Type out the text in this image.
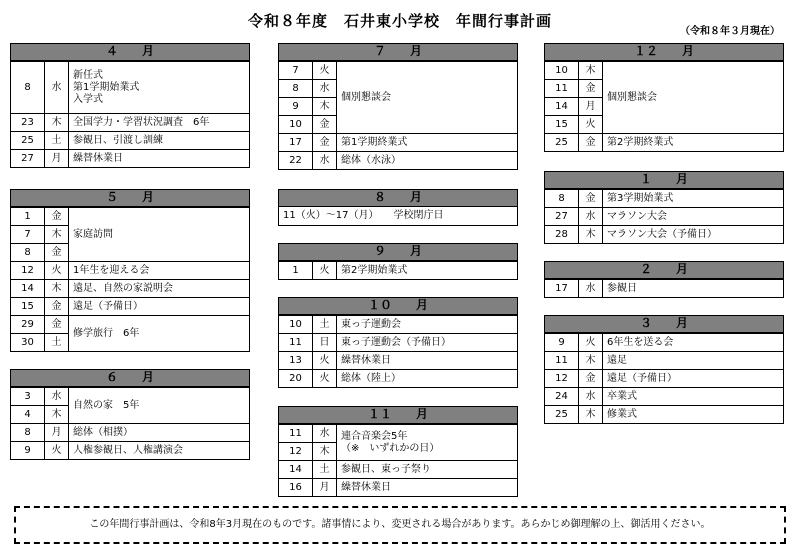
令和８年度　石井東小学校　年間行事計画
（令和８年３月現在）
４　　月
8	水	新任式
第1学期始業式
入学式
23	木	全国学力・学習状況調査　6年
25	土	参観日、引渡し訓練
27	月	繰替休業日
５　　月
1	金	家庭訪問
7	木	
8	金	
12	火	1年生を迎える会
14	木	遠足、自然の家説明会
15	金	遠足（予備日）
29	金	修学旅行　6年
30	土	
６　　月
3	水	自然の家　5年
4	木	
8	月	総体（相撲）
9	火	人権参観日、人権講演会
７　　月
7	火	個別懇談会
8	水	
9	木	
10	金	
17	金	第1学期終業式
22	水	総体（水泳）
８　　月
11（火）～17（月）　　学校閉庁日
９　　月
1	火	第2学期始業式
１０　　月
10	土	東っ子運動会
11	日	東っ子運動会（予備日）
13	火	繰替休業日
20	火	総体（陸上）
１１　　月
11	水	連合音楽会5年
（※　いずれかの日）
12	木	
14	土	参観日、東っ子祭り
16	月	繰替休業日
１２　　月
10	木	個別懇談会
11	金	
14	月	
15	火	
25	金	第2学期終業式
１　　月
8	金	第3学期始業式
27	水	マラソン大会
28	木	マラソン大会（予備日）
２　　月
17	水	参観日
３　　月
9	火	6年生を送る会
11	木	遠足
12	金	遠足（予備日）
24	水	卒業式
25	木	修業式
この年間行事計画は、令和8年3月現在のものです。諸事情により、変更される場合があります。あらかじめ御理解の上、御活用ください。
